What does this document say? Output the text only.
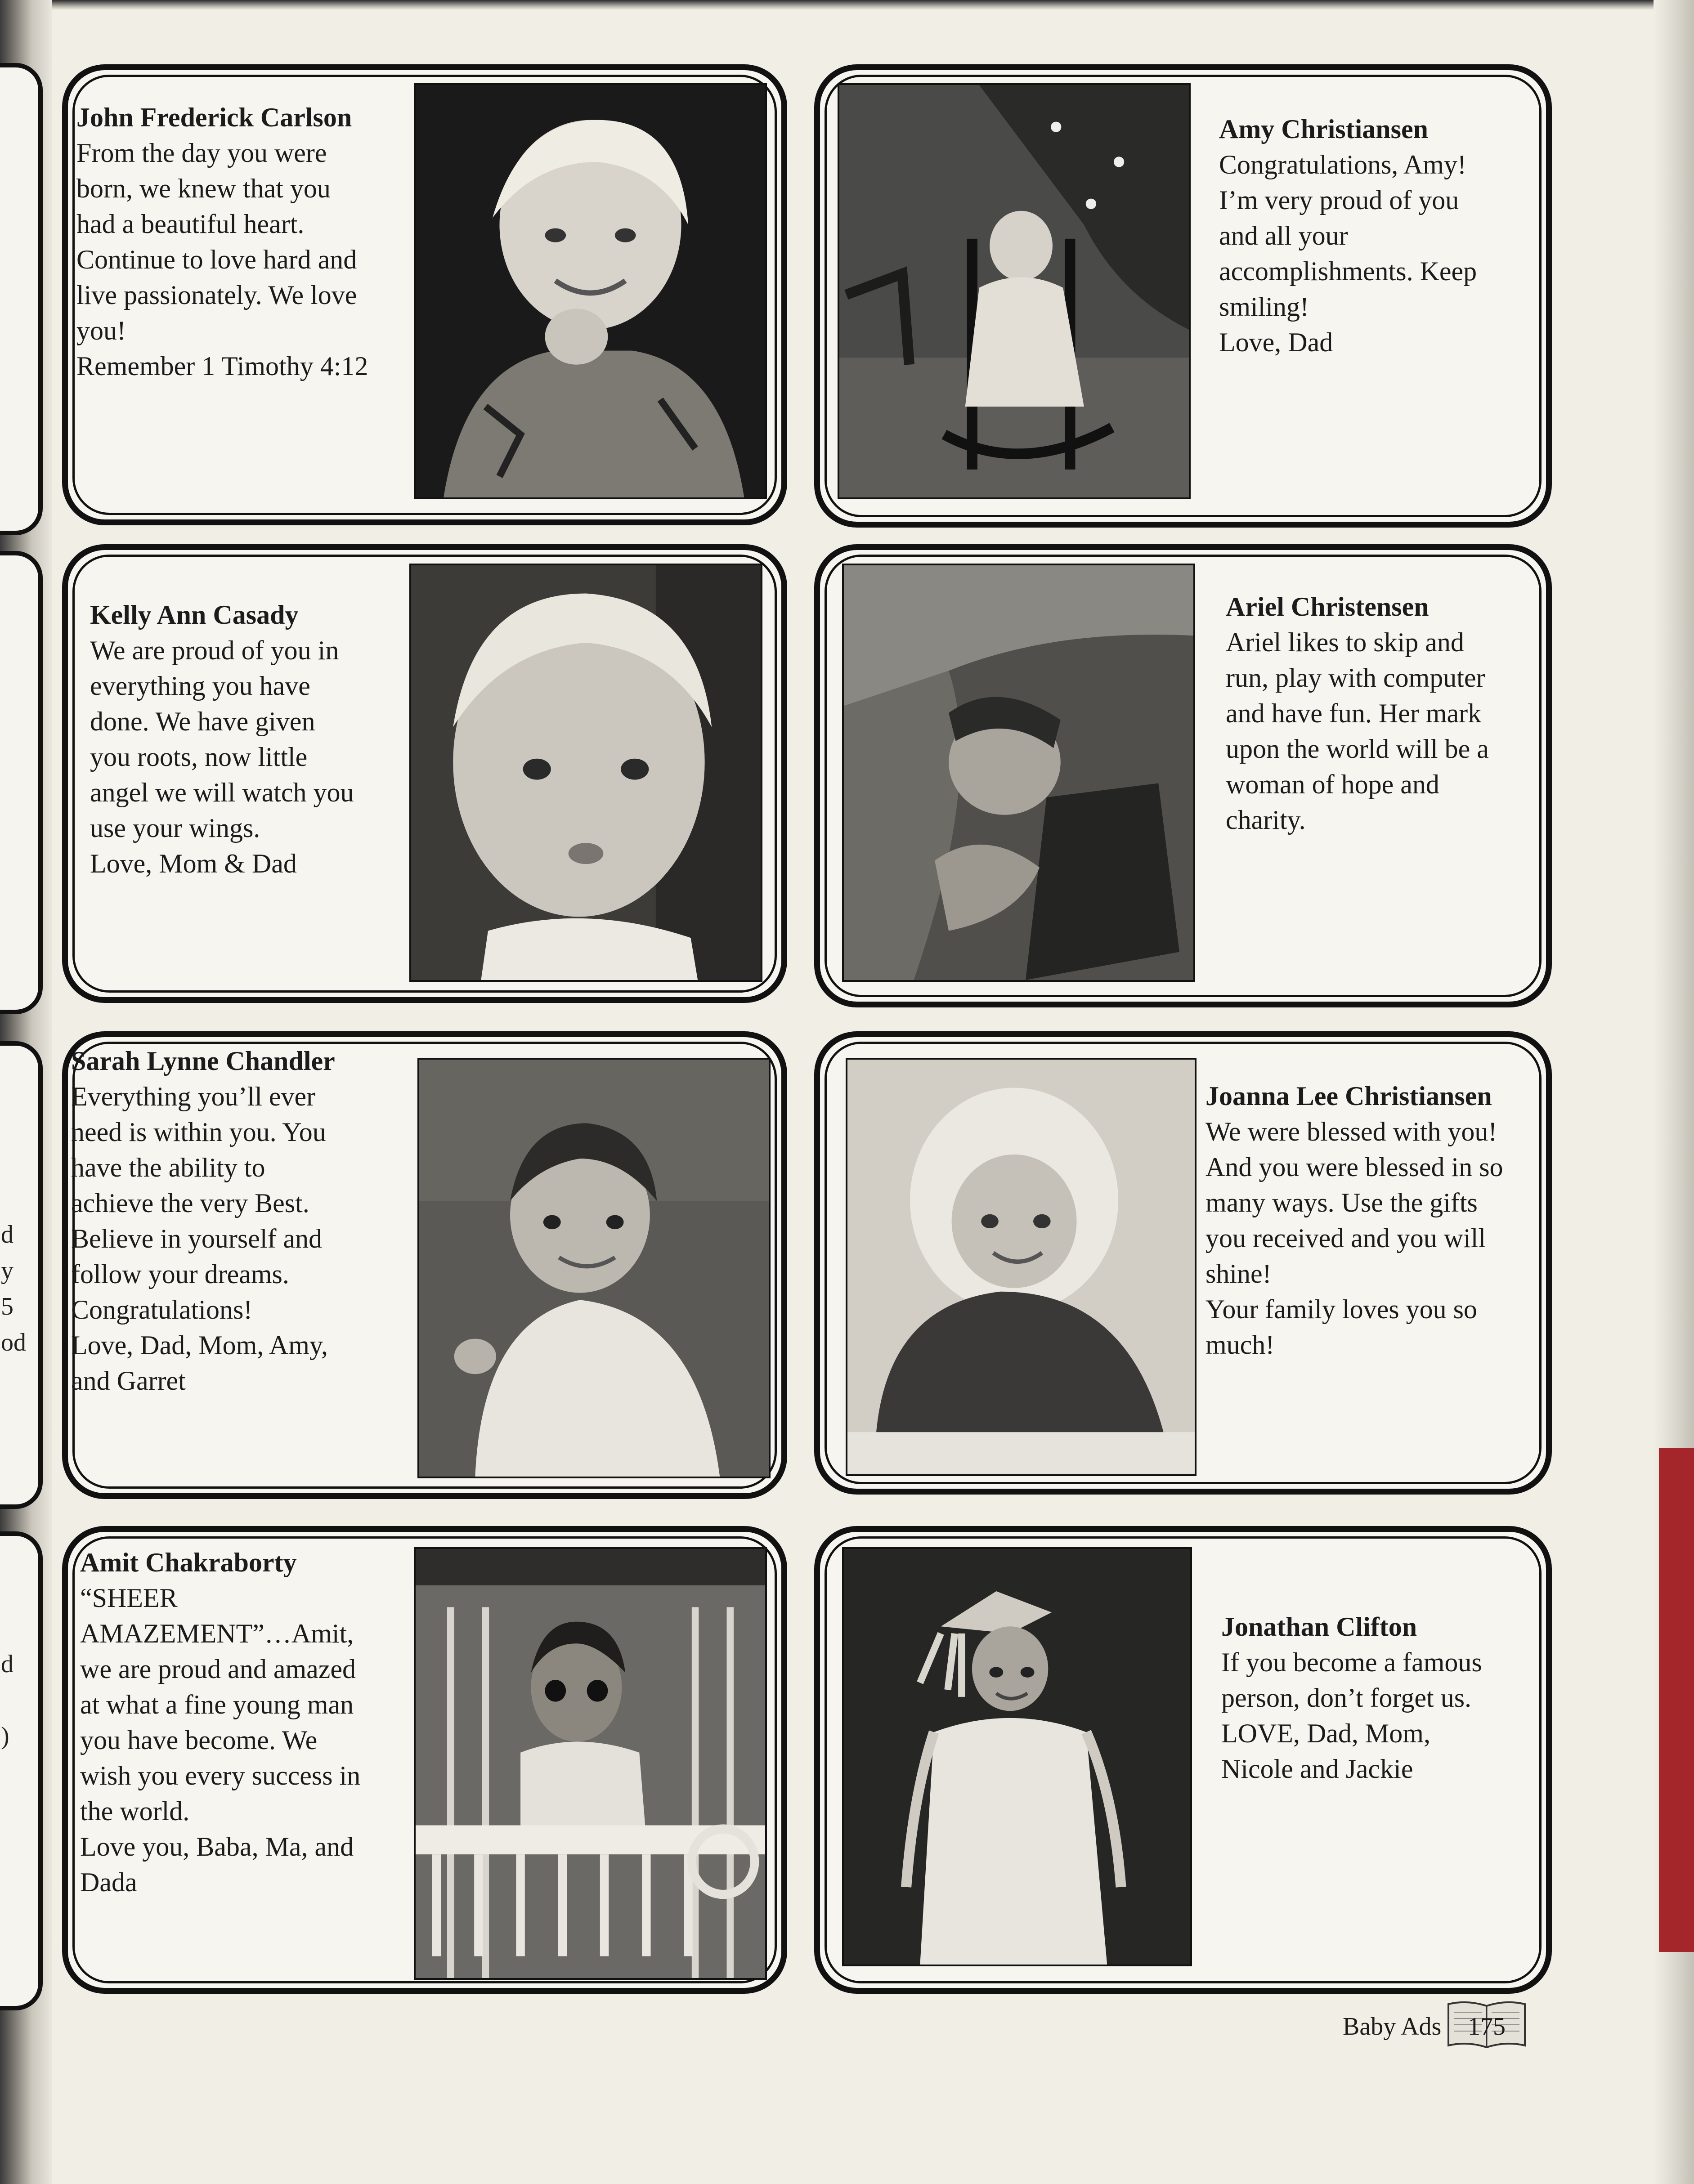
d
y
5
od
d
)
John Frederick Carlson
From the day you were
born, we knew that you
had a beautiful heart.
Continue to love hard and
live passionately. We love
you!
Remember 1 Timothy 4:12
Amy Christiansen
Congratulations, Amy!
I’m very proud of you
and all your
accomplishments. Keep
smiling!
Love, Dad
Kelly Ann Casady
We are proud of you in
everything you have
done. We have given
you roots, now little
angel we will watch you
use your wings.
Love, Mom & Dad
Ariel Christensen
Ariel likes to skip and
run, play with computer
and have fun. Her mark
upon the world will be a
woman of hope and
charity.
Sarah Lynne Chandler
Everything you’ll ever
need is within you. You
have the ability to
achieve the very Best.
Believe in yourself and
follow your dreams.
Congratulations!
Love, Dad, Mom, Amy,
and Garret
Joanna Lee Christiansen
We were blessed with you!
And you were blessed in so
many ways. Use the gifts
you received and you will
shine!
Your family loves you so
much!
Amit Chakraborty
“SHEER
AMAZEMENT”…Amit,
we are proud and amazed
at what a fine young man
you have become. We
wish you every success in
the world.
Love you, Baba, Ma, and
Dada
Jonathan Clifton
If you become a famous
person, don’t forget us.
LOVE, Dad, Mom,
Nicole and Jackie
Baby Ads 175
